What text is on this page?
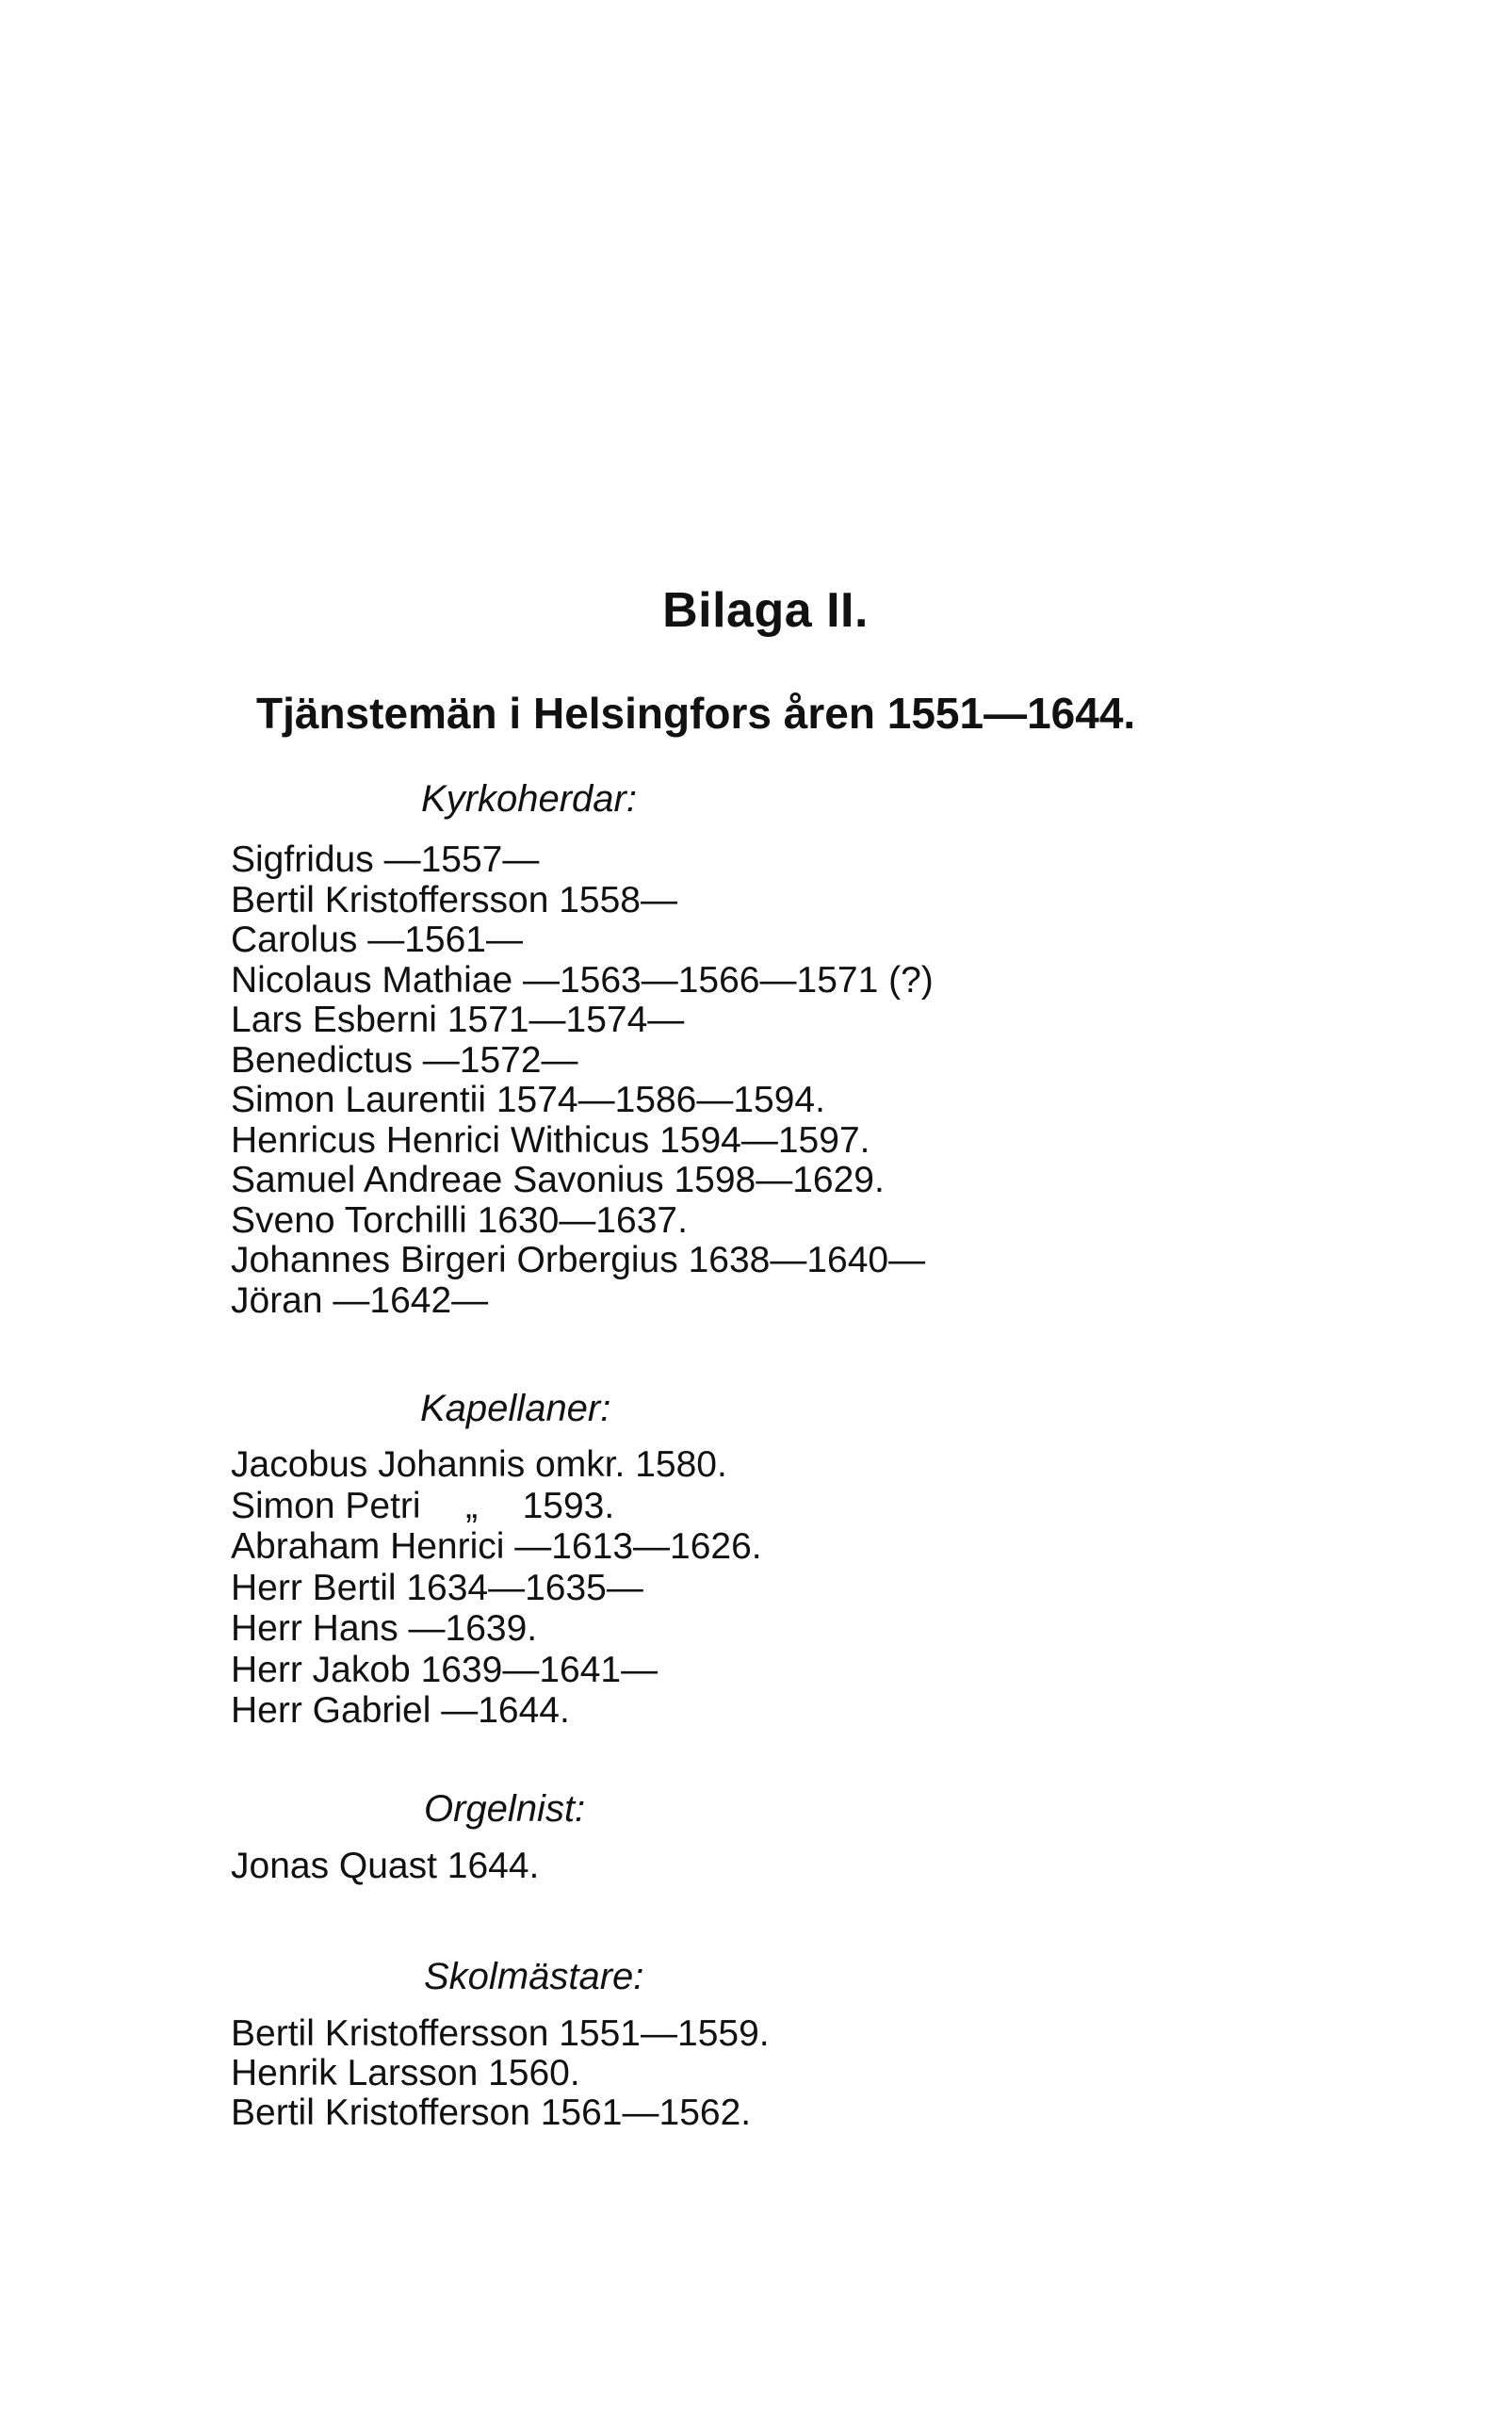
Bilaga II.
Tjänstemän i Helsingfors åren 1551—1644.
Kyrkoherdar:
Sigfridus —1557—
Bertil Kristoffersson 1558—
Carolus —1561—
Nicolaus Mathiae —1563—1566—1571 (?)
Lars Esberni 1571—1574—
Benedictus —1572—
Simon Laurentii 1574—1586—1594.
Henricus Henrici Withicus 1594—1597.
Samuel Andreae Savonius 1598—1629.
Sveno Torchilli 1630—1637.
Johannes Birgeri Orbergius 1638—1640—
Jöran —1642—
Kapellaner:
Jacobus Johannis omkr. 1580.
Simon Petri „ 1593.
Abraham Henrici —1613—1626.
Herr Bertil 1634—1635—
Herr Hans —1639.
Herr Jakob 1639—1641—
Herr Gabriel —1644.
Orgelnist:
Jonas Quast 1644.
Skolmästare:
Bertil Kristoffersson 1551—1559.
Henrik Larsson 1560.
Bertil Kristofferson 1561—1562.
